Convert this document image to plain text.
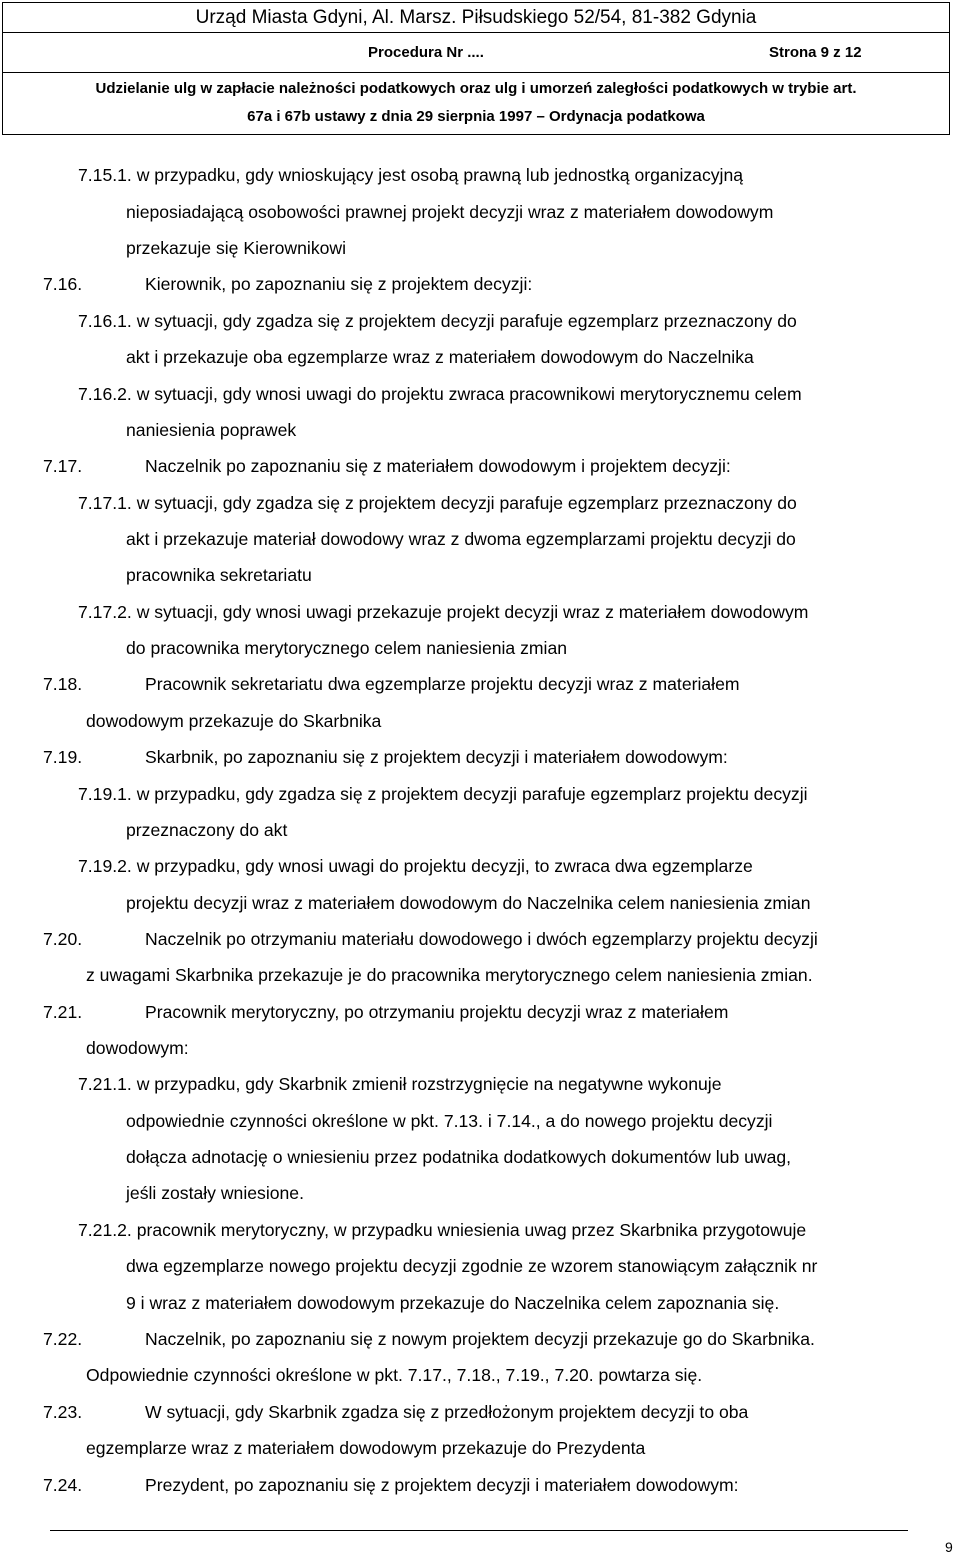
Urząd Miasta Gdyni, Al. Marsz. Piłsudskiego 52/54, 81-382 Gdynia
Procedura Nr ....	Strona 9 z 12
Udzielanie ulg w zapłacie należności podatkowych oraz ulg i umorzeń zaległości podatkowych w trybie art.
67a i 67b ustawy z dnia 29 sierpnia 1997 – Ordynacja podatkowa
7.15.1. w przypadku, gdy wnioskujący jest osobą prawną lub jednostką organizacyjną
nieposiadającą osobowości prawnej projekt decyzji wraz z materiałem dowodowym
przekazuje się Kierownikowi
7.16.	Kierownik, po zapoznaniu się z projektem decyzji:
7.16.1. w sytuacji, gdy zgadza się z projektem decyzji parafuje egzemplarz przeznaczony do
akt i przekazuje oba egzemplarze wraz z materiałem dowodowym do Naczelnika
7.16.2. w sytuacji, gdy wnosi uwagi do projektu zwraca pracownikowi merytorycznemu celem
naniesienia poprawek
7.17.	Naczelnik po zapoznaniu się z materiałem dowodowym i projektem decyzji:
7.17.1. w sytuacji, gdy zgadza się z projektem decyzji parafuje egzemplarz przeznaczony do
akt i przekazuje materiał dowodowy wraz z dwoma egzemplarzami projektu decyzji do
pracownika sekretariatu
7.17.2. w sytuacji, gdy wnosi uwagi przekazuje projekt decyzji wraz z materiałem dowodowym
do pracownika merytorycznego celem naniesienia zmian
7.18.	Pracownik sekretariatu dwa egzemplarze projektu decyzji wraz z materiałem
dowodowym przekazuje do Skarbnika
7.19.	Skarbnik, po zapoznaniu się z projektem decyzji i materiałem dowodowym:
7.19.1. w przypadku, gdy zgadza się z projektem decyzji parafuje egzemplarz projektu decyzji
przeznaczony do akt
7.19.2. w przypadku, gdy wnosi uwagi do projektu decyzji, to zwraca dwa egzemplarze
projektu decyzji wraz z materiałem dowodowym do Naczelnika celem naniesienia zmian
7.20.	Naczelnik po otrzymaniu materiału dowodowego i dwóch egzemplarzy projektu decyzji
z uwagami Skarbnika przekazuje je do pracownika merytorycznego celem naniesienia zmian.
7.21.	Pracownik merytoryczny, po otrzymaniu projektu decyzji wraz z materiałem
dowodowym:
7.21.1. w przypadku, gdy Skarbnik zmienił rozstrzygnięcie na negatywne wykonuje
odpowiednie czynności określone w pkt. 7.13. i 7.14., a do nowego projektu decyzji
dołącza adnotację o wniesieniu przez podatnika dodatkowych dokumentów lub uwag,
jeśli zostały wniesione.
7.21.2. pracownik merytoryczny, w przypadku wniesienia uwag przez Skarbnika przygotowuje
dwa egzemplarze nowego projektu decyzji zgodnie ze wzorem stanowiącym załącznik nr
9 i wraz z materiałem dowodowym przekazuje do Naczelnika celem zapoznania się.
7.22.	Naczelnik, po zapoznaniu się z nowym projektem decyzji przekazuje go do Skarbnika.
Odpowiednie czynności określone w pkt. 7.17., 7.18., 7.19., 7.20. powtarza się.
7.23.	W sytuacji, gdy Skarbnik zgadza się z przedłożonym projektem decyzji to oba
egzemplarze wraz z materiałem dowodowym przekazuje do Prezydenta
7.24.	Prezydent, po zapoznaniu się z projektem decyzji i materiałem dowodowym:
9
